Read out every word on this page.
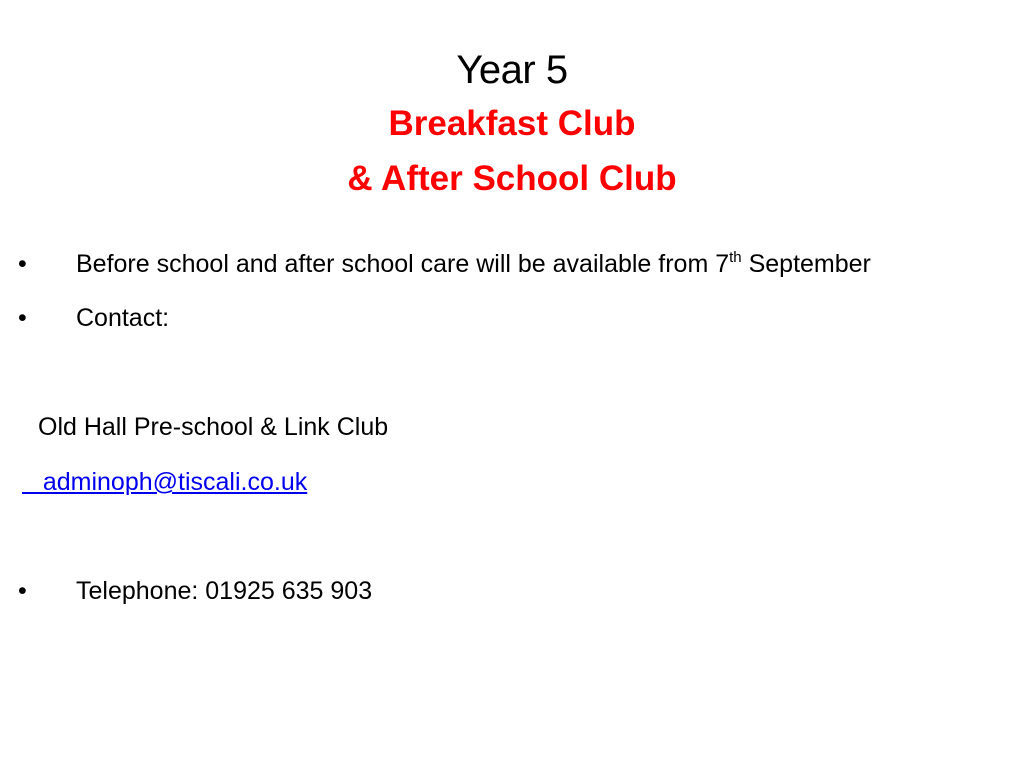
Year 5
Breakfast Club
& After School Club
•	Before school and after school care will be available from 7th September
•	Contact:
Old Hall Pre-school & Link Club
adminoph@tiscali.co.uk
•	Telephone: 01925 635 903
